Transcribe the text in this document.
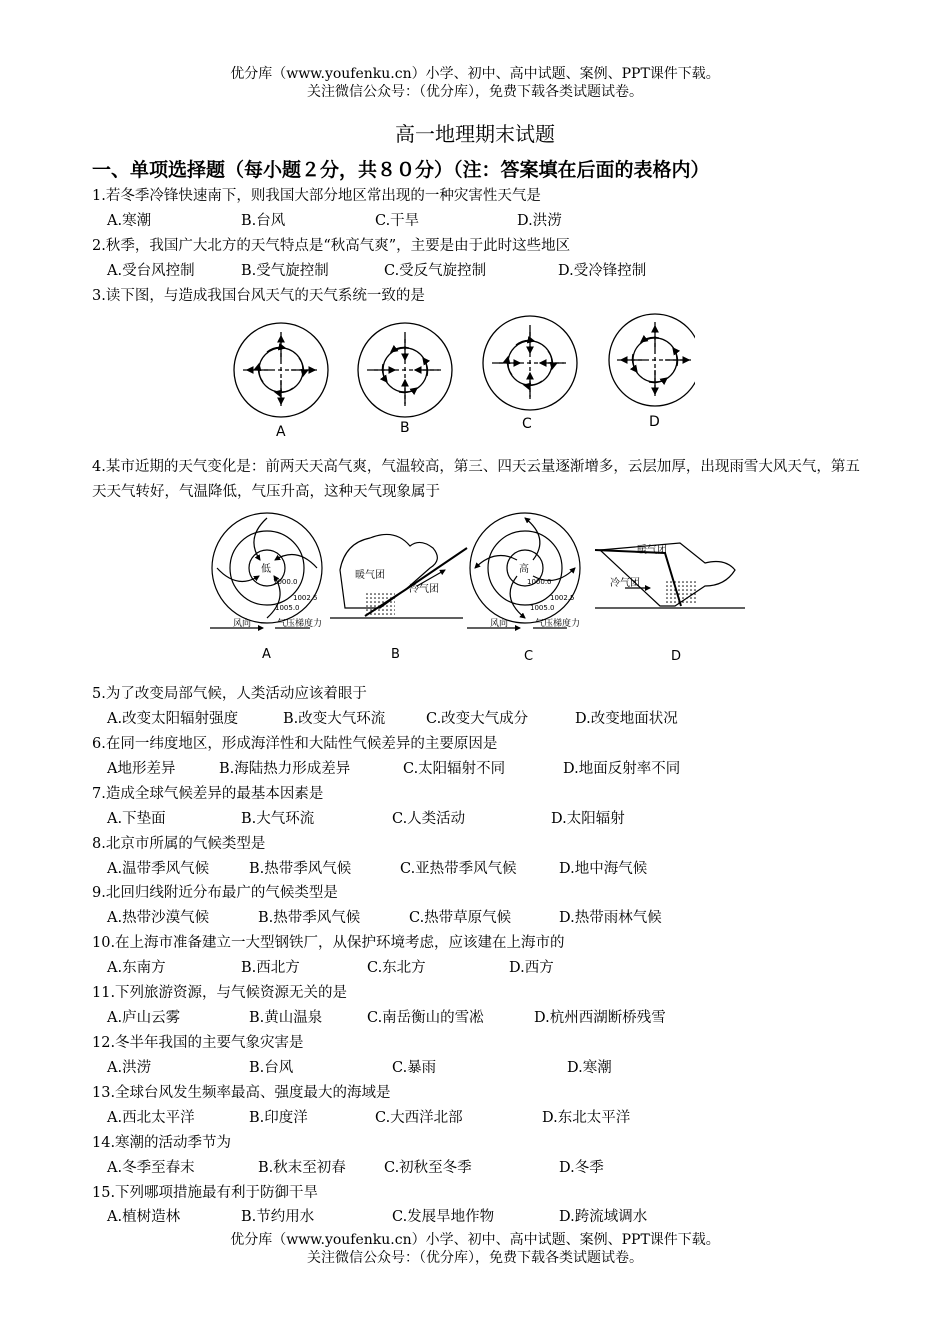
优分库（www.youfenku.cn）小学、初中、高中试题、案例、PPT课件下载。
关注微信公众号：（优分库），免费下载各类试题试卷。
高一地理期末试题
一、单项选择题（每小题２分，共８０分）（注：答案填在后面的表格内）
1.若冬季冷锋快速南下，则我国大部分地区常出现的一种灾害性天气是
A.寒潮	B.台风	C.干旱	D.洪涝
2.秋季，我国广大北方的天气特点是“秋高气爽”，主要是由于此时这些地区
A.受台风控制	B.受气旋控制	C.受反气旋控制	D.受冷锋控制
3.读下图，与造成我国台风天气的天气系统一致的是
A	B	C	D
4.某市近期的天气变化是：前两天天高气爽，气温较高，第三、四天云量逐渐增多，云层加厚，出现雨雪大风天气，第五天天气转好，气温降低，气压升高，这种天气现象属于
低
1002.5
1000.0
1005.0
风向	气压梯度力
暖气团
冷气团
高
1002.5
1000.0
1005.0
风向	气压梯度力
暖气团
冷气团
A	B	C	D
5.为了改变局部气候，人类活动应该着眼于
A.改变太阳辐射强度	B.改变大气环流	C.改变大气成分	D.改变地面状况
6.在同一纬度地区，形成海洋性和大陆性气候差异的主要原因是
A地形差异	B.海陆热力形成差异	C.太阳辐射不同	D.地面反射率不同
7.造成全球气候差异的最基本因素是
A.下垫面	B.大气环流	C.人类活动	D.太阳辐射
8.北京市所属的气候类型是
A.温带季风气候	B.热带季风气候	C.亚热带季风气候	D.地中海气候
9.北回归线附近分布最广的气候类型是
A.热带沙漠气候	B.热带季风气候	C.热带草原气候	D.热带雨林气候
10.在上海市准备建立一大型钢铁厂，从保护环境考虑，应该建在上海市的
A.东南方	B.西北方	C.东北方	D.西方
11.下列旅游资源，与气候资源无关的是
A.庐山云雾	B.黄山温泉	C.南岳衡山的雪凇	D.杭州西湖断桥残雪
12.冬半年我国的主要气象灾害是
A.洪涝	B.台风	C.暴雨	D.寒潮
13.全球台风发生频率最高、强度最大的海域是
A.西北太平洋	B.印度洋	C.大西洋北部	D.东北太平洋
14.寒潮的活动季节为
A.冬季至春末	B.秋末至初春	C.初秋至冬季	D.冬季
15.下列哪项措施最有利于防御干旱
A.植树造林	B.节约用水	C.发展旱地作物	D.跨流域调水
优分库（www.youfenku.cn）小学、初中、高中试题、案例、PPT课件下载。
关注微信公众号：（优分库），免费下载各类试题试卷。
